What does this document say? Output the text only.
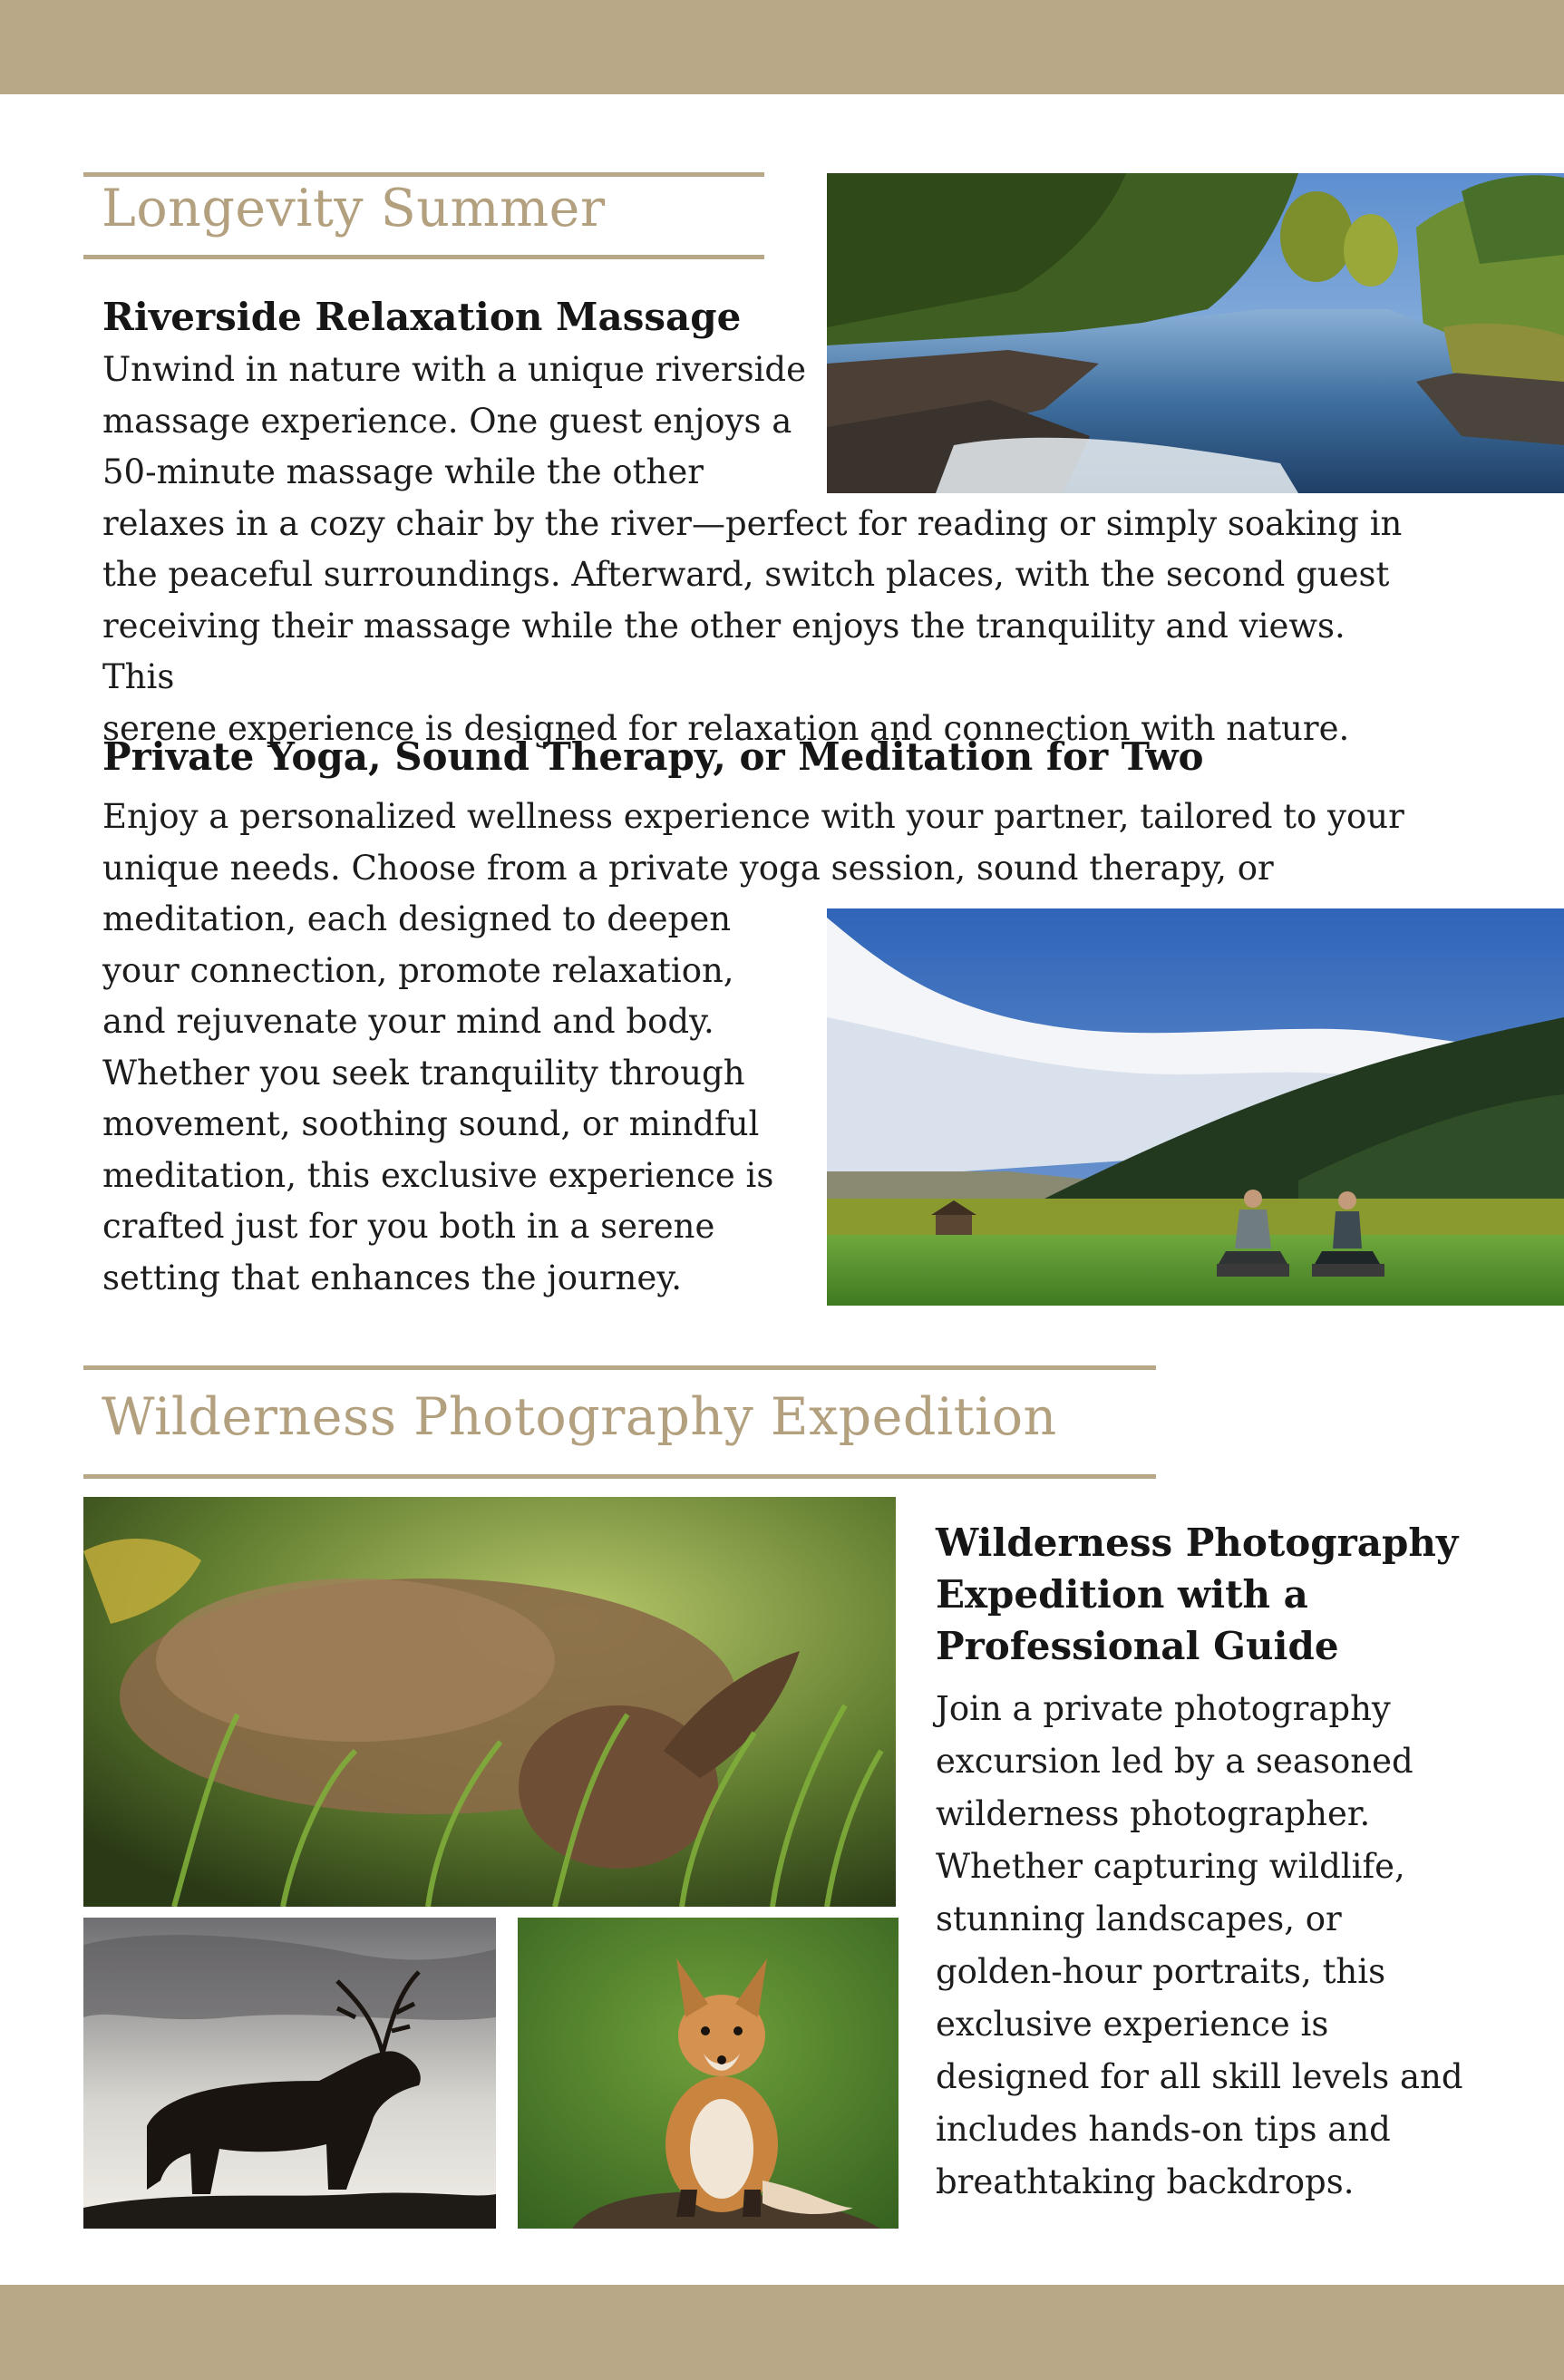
Longevity Summer
Riverside Relaxation Massage

Unwind in nature with a unique riverside
massage experience. One guest enjoys a
50-minute massage while the other
relaxes in a cozy chair by the river—perfect for reading or simply soaking in
the peaceful surroundings. Afterward, switch places, with the second guest
receiving their massage while the other enjoys the tranquility and views. This
serene experience is designed for relaxation and connection with nature.

Private Yoga, Sound Therapy, or Meditation for Two

Enjoy a personalized wellness experience with your partner, tailored to your
unique needs. Choose from a private yoga session, sound therapy, or
meditation, each designed to deepen
your connection, promote relaxation,
and rejuvenate your mind and body.
Whether you seek tranquility through
movement, soothing sound, or mindful
meditation, this exclusive experience is
crafted just for you both in a serene
setting that enhances the journey.

Wilderness Photography Expedition
Wilderness Photography
Expedition with a
Professional Guide

Join a private photography
excursion led by a seasoned
wilderness photographer.
Whether capturing wildlife,
stunning landscapes, or
golden-hour portraits, this
exclusive experience is
designed for all skill levels and
includes hands-on tips and
breathtaking backdrops.
